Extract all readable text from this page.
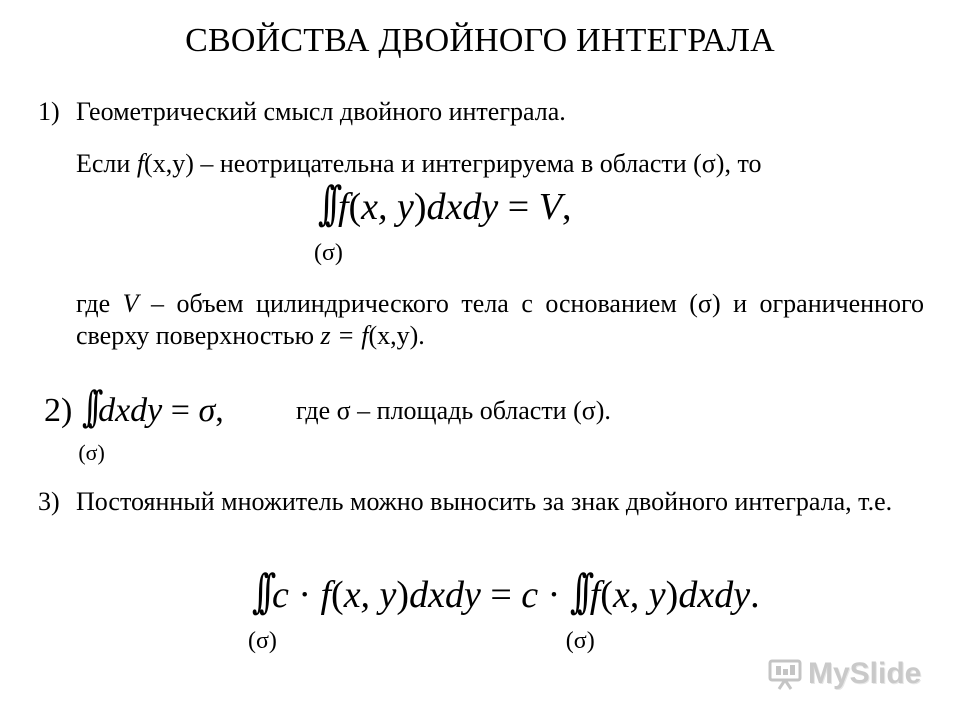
СВОЙСТВА ДВОЙНОГО ИНТЕГРАЛА
1) Геометрический смысл двойного интеграла.
Если f(x,y) – неотрицательна и интегрируема в области (σ), то
∫∫
(σ)
f(x, y)dxdy = V,
где V – объем цилиндрического тела с основанием (σ) и ограниченного сверху поверхностью z = f(x,y).
2) ∫∫
(σ)
dxdy = σ,	где σ – площадь области (σ).
3) Постоянный множитель можно выносить за знак двойного интеграла, т.е.
∫∫
(σ)
c · f(x, y)dxdy = c · ∫∫
(σ)
f(x, y)dxdy.
MySlide
